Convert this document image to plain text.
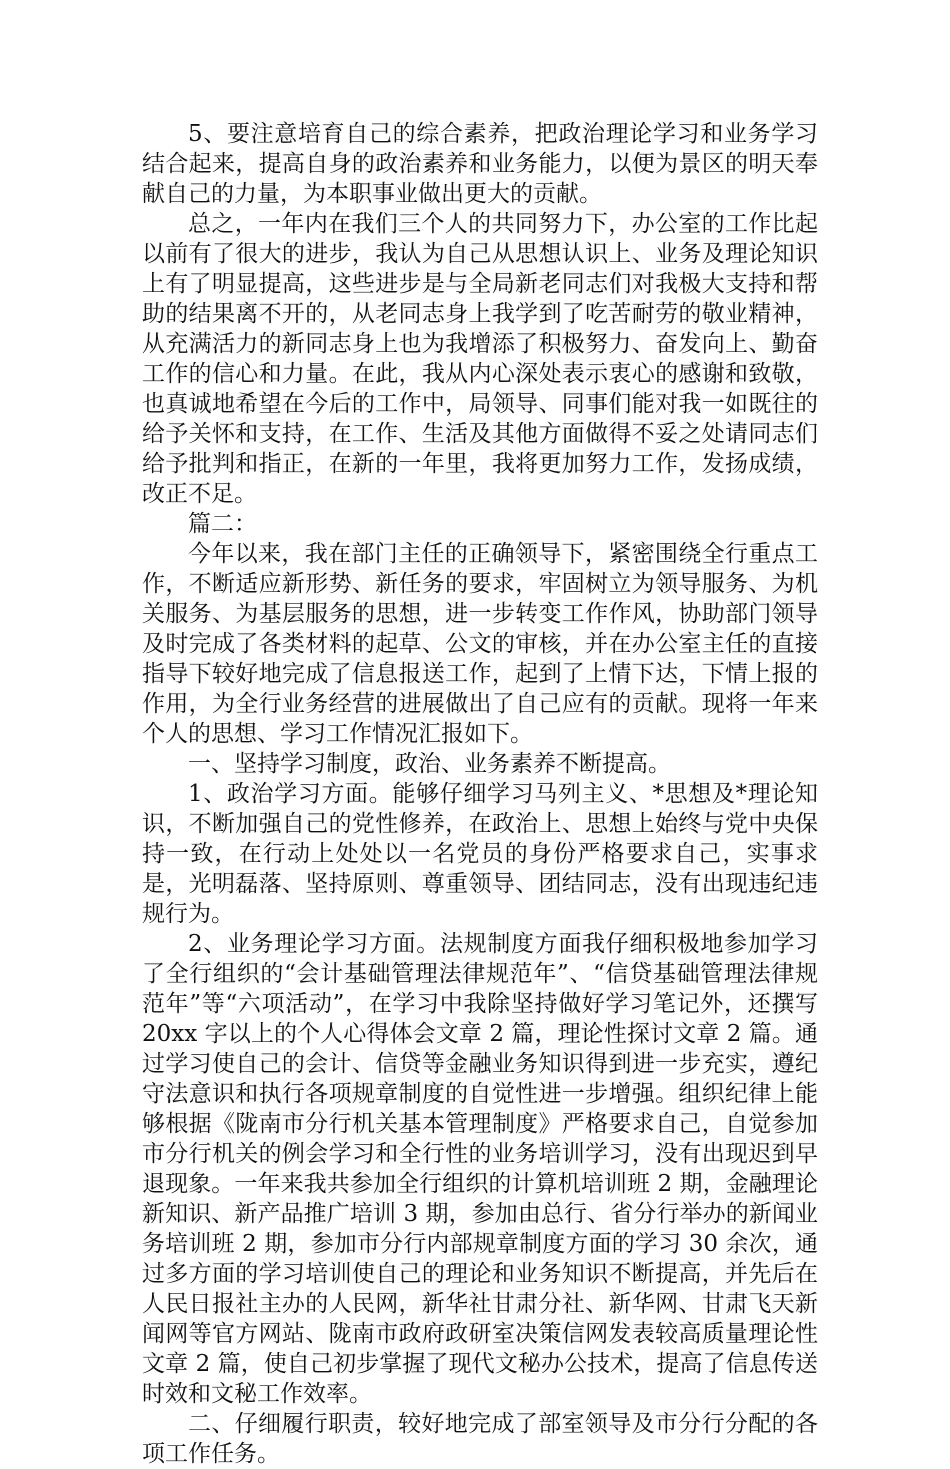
5、要注意培育自己的综合素养，把政治理论学习和业务学习结合起来，提高自身的政治素养和业务能力，以便为景区的明天奉献自己的力量，为本职事业做出更大的贡献。

总之，一年内在我们三个人的共同努力下，办公室的工作比起以前有了很大的进步，我认为自己从思想认识上、业务及理论知识上有了明显提高，这些进步是与全局新老同志们对我极大支持和帮助的结果离不开的，从老同志身上我学到了吃苦耐劳的敬业精神，从充满活力的新同志身上也为我增添了积极努力、奋发向上、勤奋工作的信心和力量。在此，我从内心深处表示衷心的感谢和致敬，也真诚地希望在今后的工作中，局领导、同事们能对我一如既往的给予关怀和支持，在工作、生活及其他方面做得不妥之处请同志们给予批判和指正，在新的一年里，我将更加努力工作，发扬成绩，改正不足。

篇二：

今年以来，我在部门主任的正确领导下，紧密围绕全行重点工作，不断适应新形势、新任务的要求，牢固树立为领导服务、为机关服务、为基层服务的思想，进一步转变工作作风，协助部门领导及时完成了各类材料的起草、公文的审核，并在办公室主任的直接指导下较好地完成了信息报送工作，起到了上情下达，下情上报的作用，为全行业务经营的进展做出了自己应有的贡献。现将一年来个人的思想、学习工作情况汇报如下。

一、坚持学习制度，政治、业务素养不断提高。

1、政治学习方面。能够仔细学习马列主义、*思想及*理论知识，不断加强自己的党性修养，在政治上、思想上始终与党中央保持一致，在行动上处处以一名党员的身份严格要求自己，实事求是，光明磊落、坚持原则、尊重领导、团结同志，没有出现违纪违规行为。

2、业务理论学习方面。法规制度方面我仔细积极地参加学习了全行组织的“会计基础管理法律规范年”、“信贷基础管理法律规范年”等“六项活动”，在学习中我除坚持做好学习笔记外，还撰写 20xx 字以上的个人心得体会文章 2 篇，理论性探讨文章 2 篇。通过学习使自己的会计、信贷等金融业务知识得到进一步充实，遵纪守法意识和执行各项规章制度的自觉性进一步增强。组织纪律上能够根据《陇南市分行机关基本管理制度》严格要求自己，自觉参加市分行机关的例会学习和全行性的业务培训学习，没有出现迟到早退现象。一年来我共参加全行组织的计算机培训班 2 期，金融理论新知识、新产品推广培训 3 期，参加由总行、省分行举办的新闻业务培训班 2 期，参加市分行内部规章制度方面的学习 30 余次，通过多方面的学习培训使自己的理论和业务知识不断提高，并先后在人民日报社主办的人民网，新华社甘肃分社、新华网、甘肃飞天新闻网等官方网站、陇南市政府政研室决策信网发表较高质量理论性文章 2 篇，使自己初步掌握了现代文秘办公技术，提高了信息传送时效和文秘工作效率。

二、仔细履行职责，较好地完成了部室领导及市分行分配的各项工作任务。
